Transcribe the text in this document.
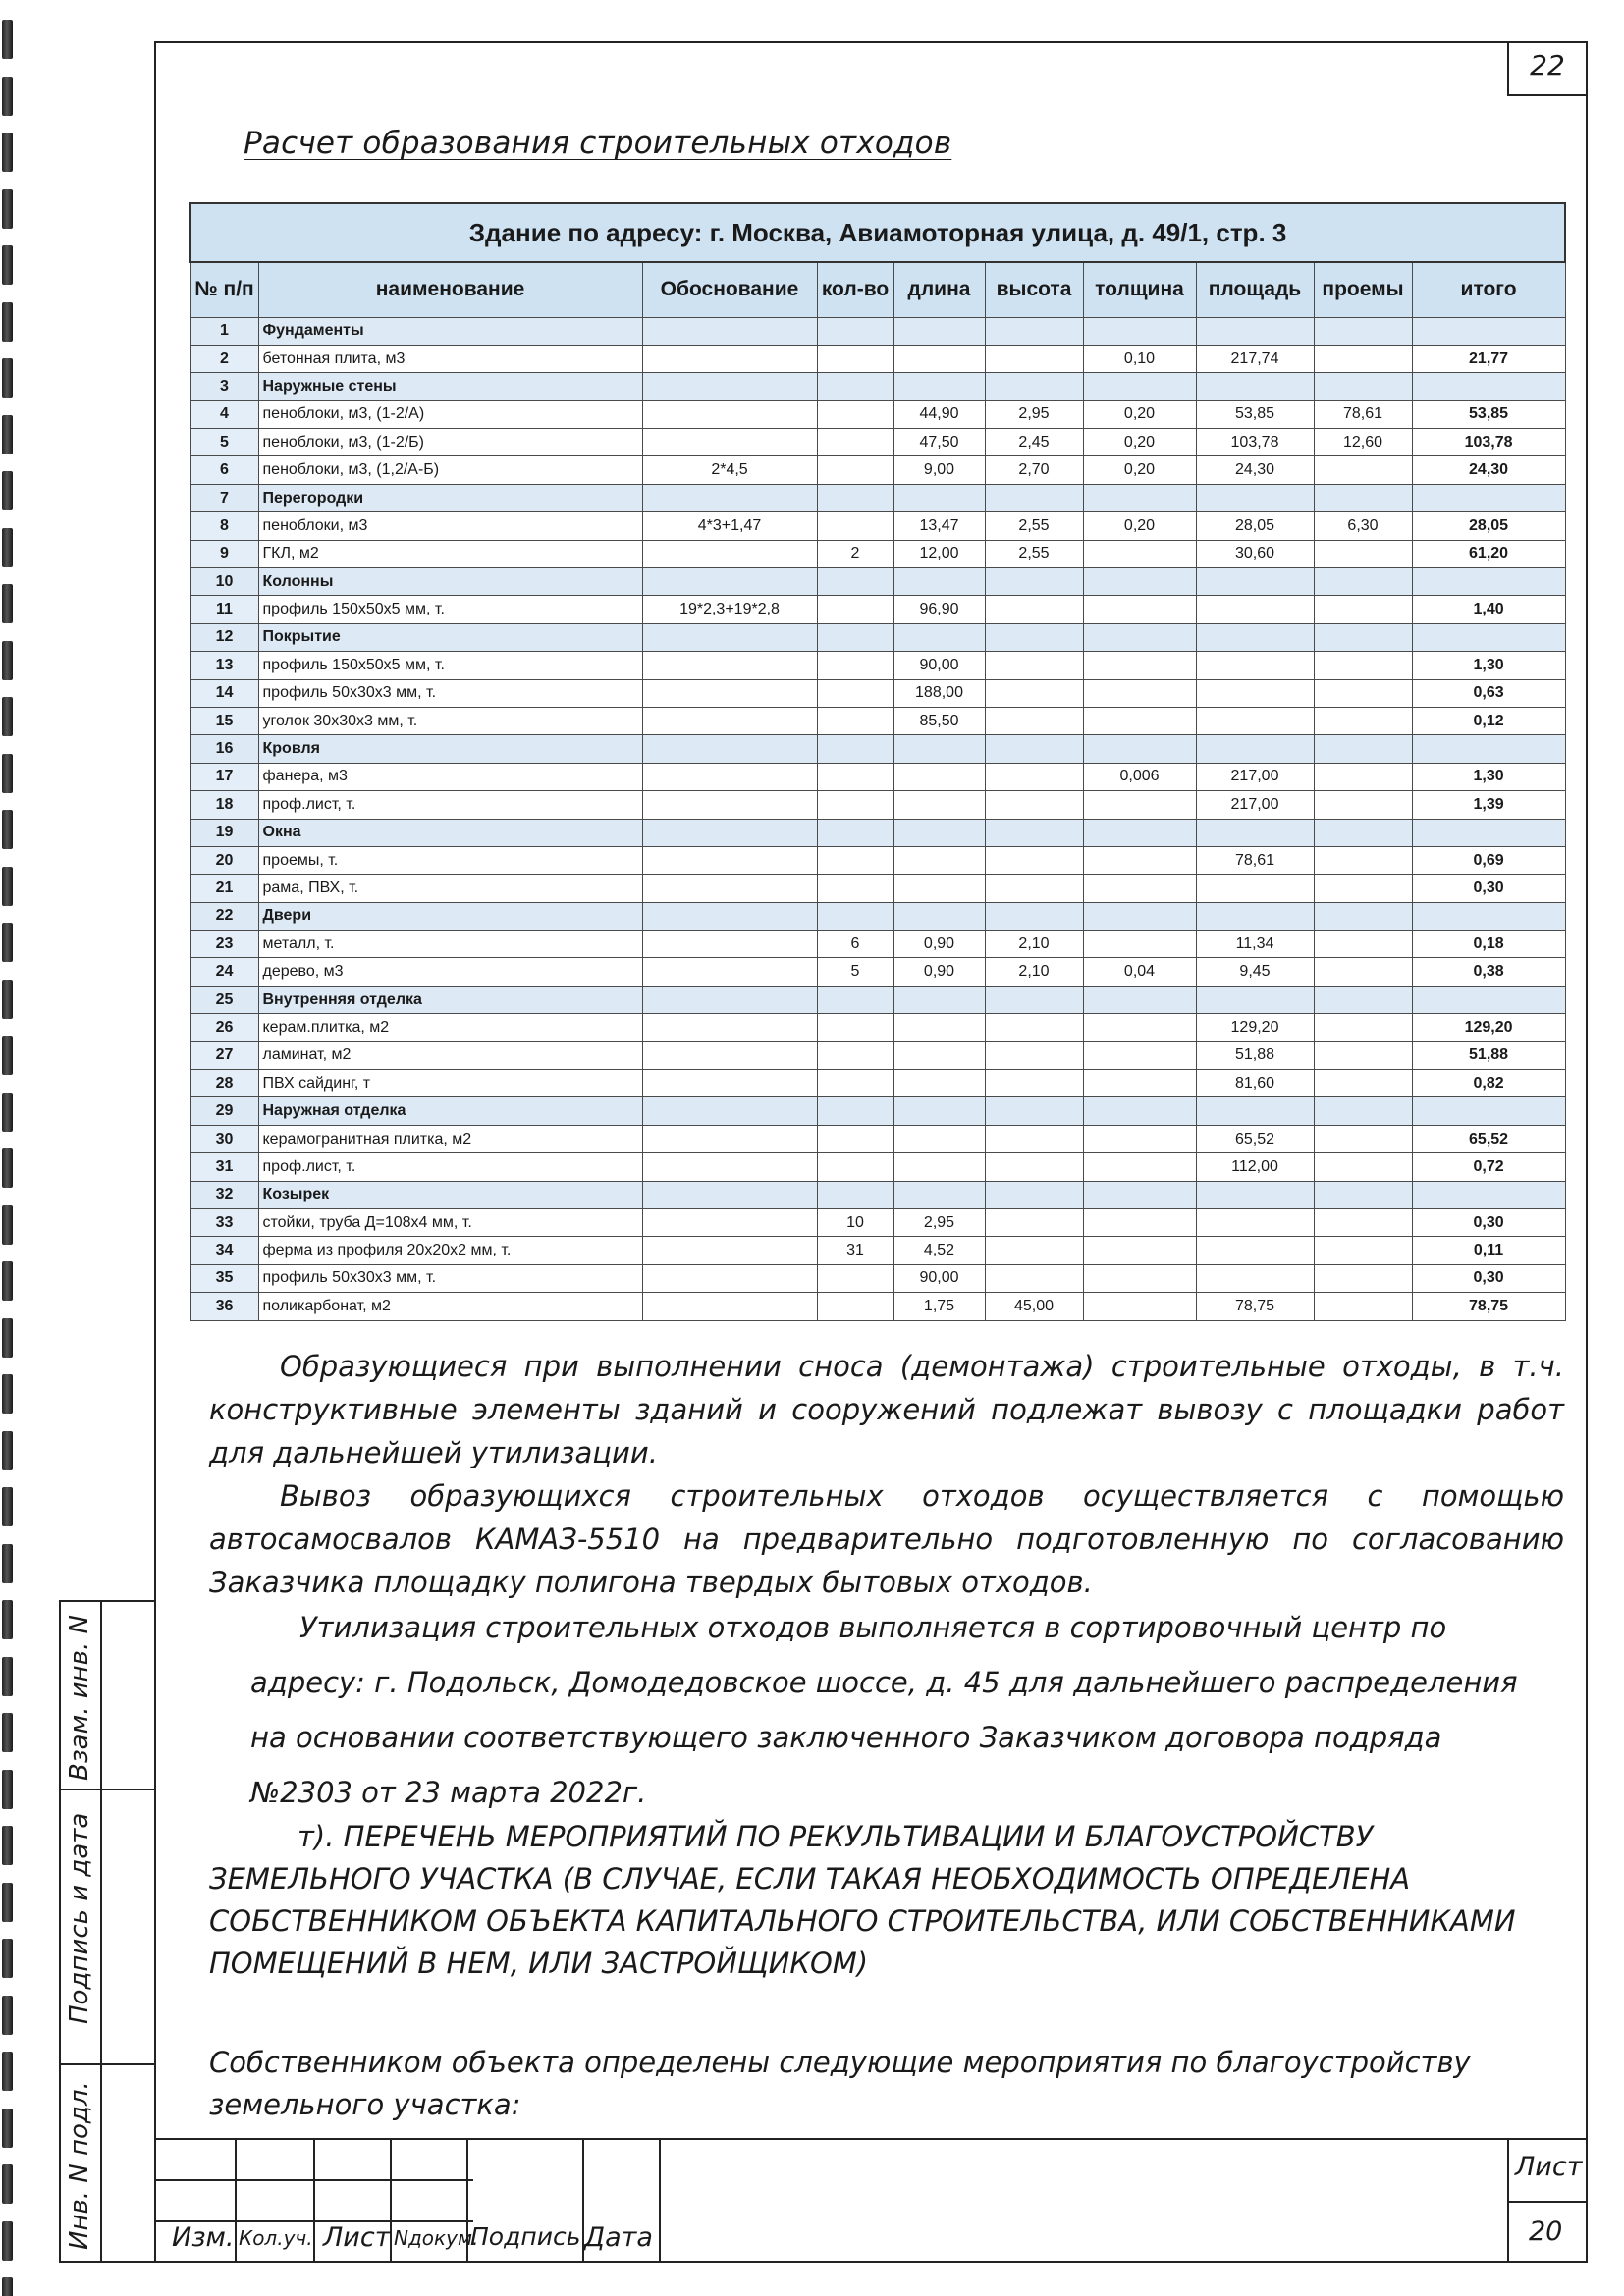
22
Расчет образования строительных отходов
Здание по адресу: г. Москва, Авиамоторная улица, д. 49/1, стр. 3									
№ п/п	наименование	Обоснование	кол-во	длина	высота	толщина	площадь	проемы	итого
1	Фундаменты								
2	бетонная плита, м3					0,10	217,74		21,77
3	Наружные стены								
4	пеноблоки, м3, (1-2/А)			44,90	2,95	0,20	53,85	78,61	53,85
5	пеноблоки, м3, (1-2/Б)			47,50	2,45	0,20	103,78	12,60	103,78
6	пеноблоки, м3, (1,2/А-Б)	2*4,5		9,00	2,70	0,20	24,30		24,30
7	Перегородки								
8	пеноблоки, м3	4*3+1,47		13,47	2,55	0,20	28,05	6,30	28,05
9	ГКЛ, м2		2	12,00	2,55		30,60		61,20
10	Колонны								
11	профиль 150х50х5 мм, т.	19*2,3+19*2,8		96,90					1,40
12	Покрытие								
13	профиль 150х50х5 мм, т.			90,00					1,30
14	профиль 50х30х3 мм, т.			188,00					0,63
15	уголок 30х30х3 мм, т.			85,50					0,12
16	Кровля								
17	фанера, м3					0,006	217,00		1,30
18	проф.лист, т.						217,00		1,39
19	Окна								
20	проемы, т.						78,61		0,69
21	рама, ПВХ, т.								0,30
22	Двери								
23	металл, т.		6	0,90	2,10		11,34		0,18
24	дерево, м3		5	0,90	2,10	0,04	9,45		0,38
25	Внутренняя отделка								
26	керам.плитка, м2						129,20		129,20
27	ламинат, м2						51,88		51,88
28	ПВХ сайдинг, т						81,60		0,82
29	Наружная отделка								
30	керамогранитная плитка, м2						65,52		65,52
31	проф.лист, т.						112,00		0,72
32	Козырек								
33	стойки, труба Д=108х4 мм, т.		10	2,95					0,30
34	ферма из профиля 20х20х2 мм, т.		31	4,52					0,11
35	профиль 50х30х3 мм, т.			90,00					0,30
36	поликарбонат, м2			1,75	45,00		78,75		78,75
Образующиеся при выполнении сноса (демонтажа) строительные отходы, в т.ч. конструктивные элементы зданий и сооружений подлежат вывозу с площадки работ для дальнейшей утилизации.
Вывоз образующихся строительных отходов осуществляется с помощью автосамосвалов КАМАЗ-5510 на предварительно подготовленную по согласованию Заказчика площадку полигона твердых бытовых отходов.
Утилизация строительных отходов выполняется в сортировочный центр по адресу: г. Подольск, Домодедовское шоссе, д. 45 для дальнейшего распределения на основании соответствующего заключенного Заказчиком договора подряда №2303 от 23 марта 2022г.
т). ПЕРЕЧЕНЬ МЕРОПРИЯТИЙ ПО РЕКУЛЬТИВАЦИИ И БЛАГОУСТРОЙСТВУ ЗЕМЕЛЬНОГО УЧАСТКА (В СЛУЧАЕ, ЕСЛИ ТАКАЯ НЕОБХОДИМОСТЬ ОПРЕДЕЛЕНА СОБСТВЕННИКОМ ОБЪЕКТА КАПИТАЛЬНОГО СТРОИТЕЛЬСТВА, ИЛИ СОБСТВЕННИКАМИ ПОМЕЩЕНИЙ В НЕМ, ИЛИ ЗАСТРОЙЩИКОМ)
Собственником объекта определены следующие мероприятия по благоустройству земельного участка:
Взам. инв. N
Подпись и дата
Инв. N подл.	Изм. Кол.уч. Лист Nдокум.
Подпись Дата
Лист
20
